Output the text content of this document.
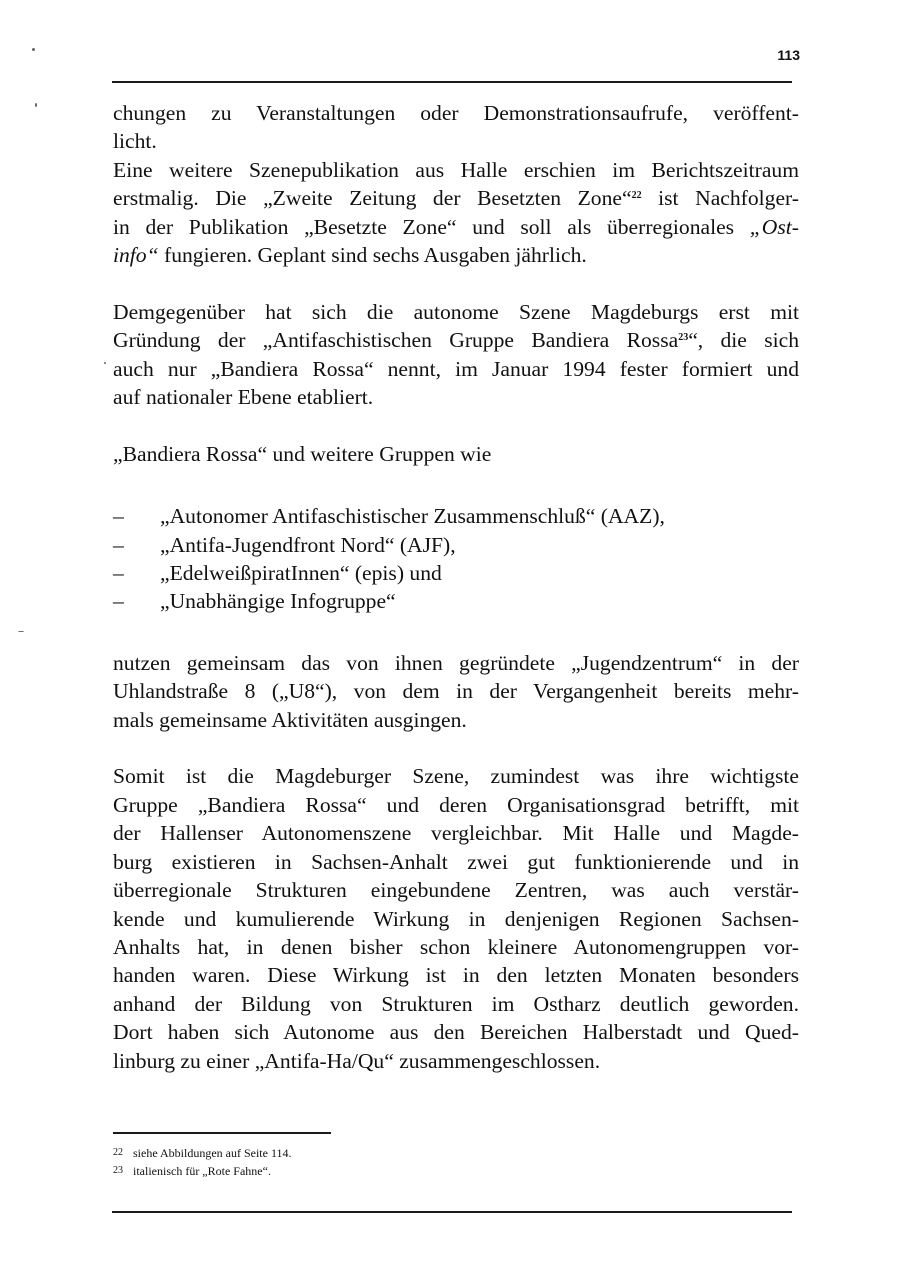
113

chungen zu Veranstaltungen oder Demonstrationsaufrufe, veröffent-

licht.

Eine weitere Szenepublikation aus Halle erschien im Berichtszeitraum

erstmalig. Die „Zweite Zeitung der Besetzten Zone“$^{22}$ ist Nachfolger-

in der Publikation „Besetzte Zone“ und soll als überregionales „Ost-

info“ fungieren. Geplant sind sechs Ausgaben jährlich.

Demgegenüber hat sich die autonome Szene Magdeburgs erst mit

Gründung der „Antifaschistischen Gruppe Bandiera Rossa$^{23}$“, die sich

auch nur „Bandiera Rossa“ nennt, im Januar 1994 fester formiert und

auf nationaler Ebene etabliert.

„Bandiera Rossa“ und weitere Gruppen wie

–	„Autonomer Antifaschistischer Zusammenschluß“ (AAZ),
–	„Antifa-Jugendfront Nord“ (AJF),
–	„EdelweißpiratInnen“ (epis) und
–	„Unabhängige Infogruppe“

nutzen gemeinsam das von ihnen gegründete „Jugendzentrum“ in der

Uhlandstraße 8 („U8“), von dem in der Vergangenheit bereits mehr-

mals gemeinsame Aktivitäten ausgingen.

Somit ist die Magdeburger Szene, zumindest was ihre wichtigste

Gruppe „Bandiera Rossa“ und deren Organisationsgrad betrifft, mit

der Hallenser Autonomenszene vergleichbar. Mit Halle und Magde-

burg existieren in Sachsen-Anhalt zwei gut funktionierende und in

überregionale Strukturen eingebundene Zentren, was auch verstär-

kende und kumulierende Wirkung in denjenigen Regionen Sachsen-

Anhalts hat, in denen bisher schon kleinere Autonomengruppen vor-

handen waren. Diese Wirkung ist in den letzten Monaten besonders

anhand der Bildung von Strukturen im Ostharz deutlich geworden.

Dort haben sich Autonome aus den Bereichen Halberstadt und Qued-

linburg zu einer „Antifa-Ha/Qu“ zusammengeschlossen.

22 siehe Abbildungen auf Seite 114.
23 italienisch für „Rote Fahne“.
